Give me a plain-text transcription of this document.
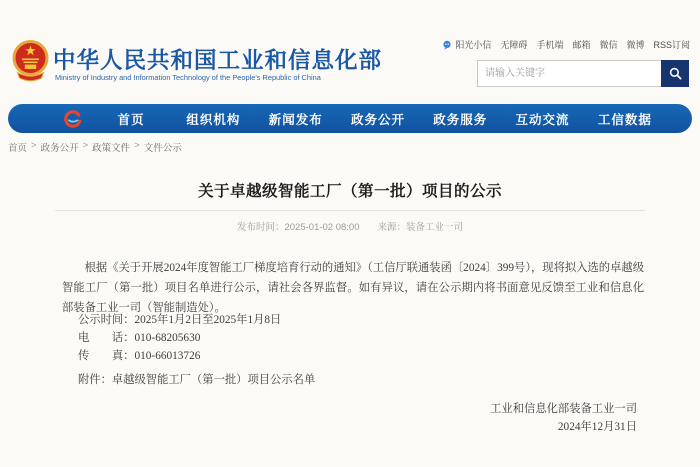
中华人民共和国工业和信息化部
Ministry of Industry and Information Technology of the People's Republic of China
阳光小信 无障碍 手机端 邮箱 微信 微博 RSS订阅
请输入关键字
首页	组织机构	新闻发布	政务公开	政务服务	互动交流	工信数据
首页 > 政务公开 > 政策文件 > 文件公示
关于卓越级智能工厂（第一批）项目的公示
发布时间：2025-01-02 08:00 来源：装备工业一司
根据《关于开展2024年度智能工厂梯度培育行动的通知》（工信厅联通装函〔2024〕399号），现将拟入选的卓越级智能工厂（第一批）项目名单进行公示，请社会各界监督。如有异议，请在公示期内将书面意见反馈至工业和信息化部装备工业一司（智能制造处）。
公示时间：2025年1月2日至2025年1月8日
电　　话：010-68205630
传　　真：010-66013726
附件：卓越级智能工厂（第一批）项目公示名单
工业和信息化部装备工业一司
2024年12月31日
